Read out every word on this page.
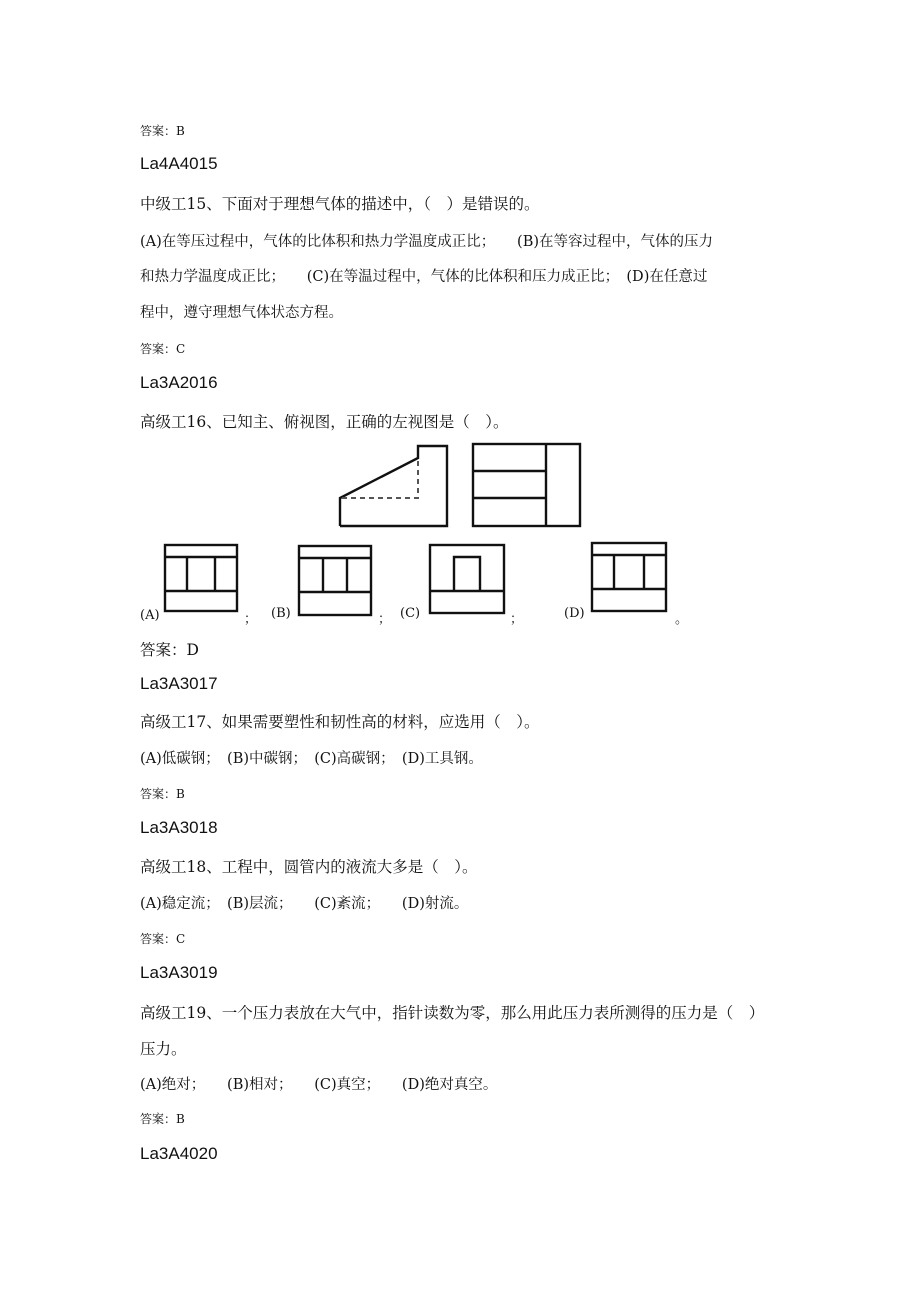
答案：B
La4A4015
中级工15、下面对于理想气体的描述中，（　）是错误的。
(A)在等压过程中，气体的比体积和热力学温度成正比；　　(B)在等容过程中，气体的压力
和热力学温度成正比；　　(C)在等温过程中，气体的比体积和压力成正比；　(D)在任意过
程中，遵守理想气体状态方程。
答案：C
La3A2016
高级工16、已知主、俯视图，正确的左视图是（　）。
(A)	； (B)	； (C)	；	(D)	。
答案：D
La3A3017
高级工17、如果需要塑性和韧性高的材料，应选用（　）。
(A)低碳钢；　(B)中碳钢；　(C)高碳钢；　(D)工具钢。
答案：B
La3A3018
高级工18、工程中，圆管内的液流大多是（　）。
(A)稳定流；　(B)层流；　　(C)紊流；　　(D)射流。
答案：C
La3A3019
高级工19、一个压力表放在大气中，指针读数为零，那么用此压力表所测得的压力是（　）
压力。
(A)绝对；　　(B)相对；　　(C)真空；　　(D)绝对真空。
答案：B
La3A4020
